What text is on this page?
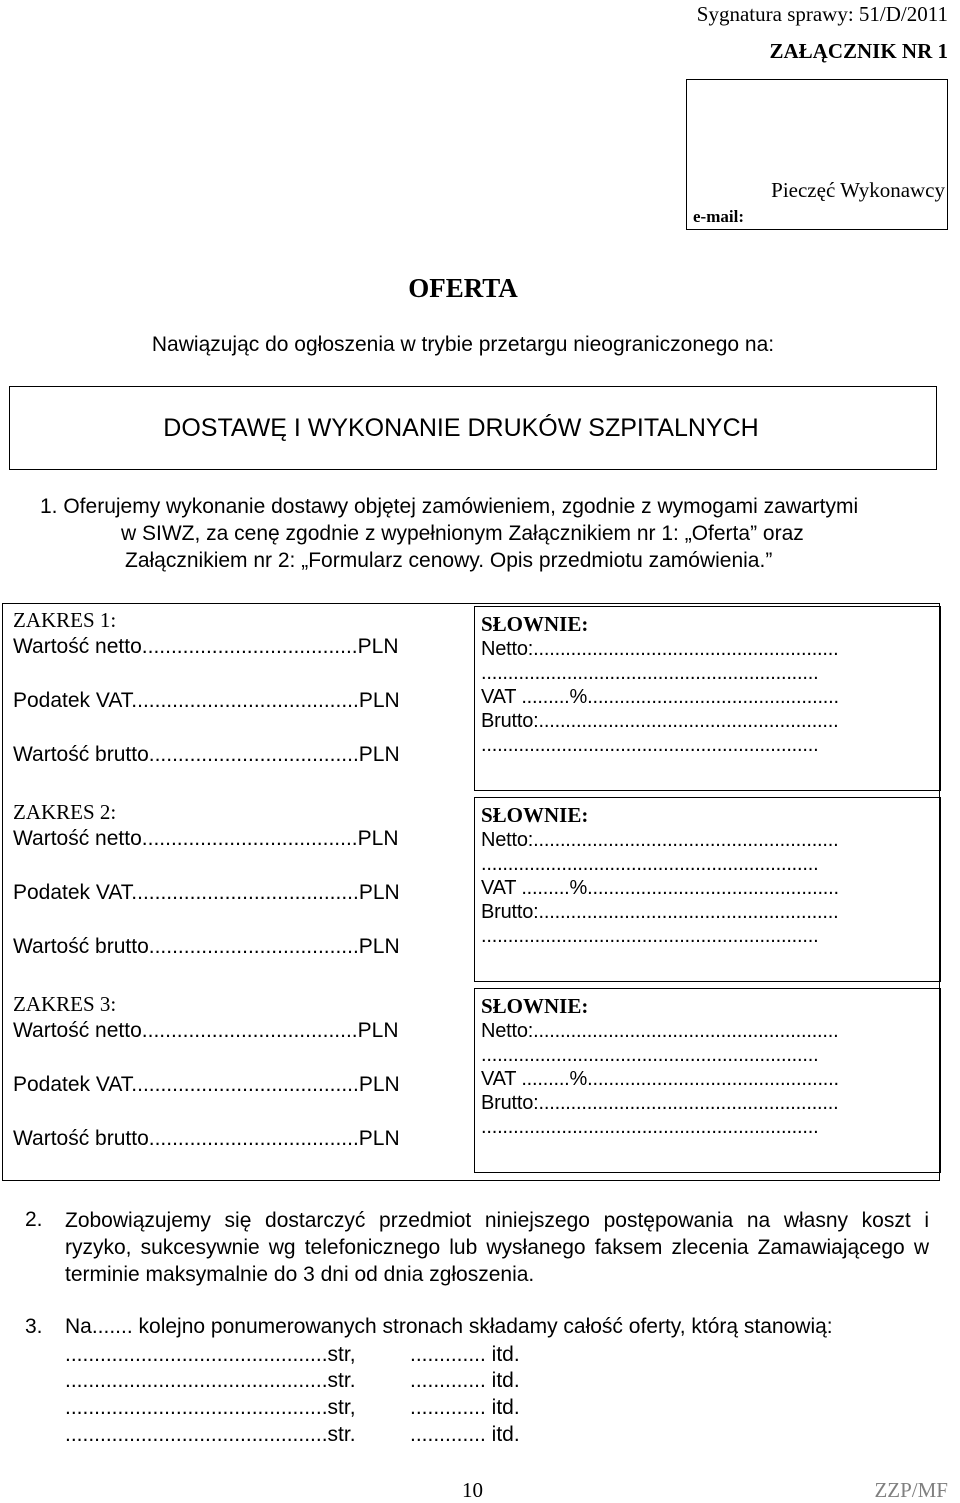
Sygnatura sprawy: 51/D/2011
ZAŁĄCZNIK NR 1
Pieczęć Wykonawcy
e-mail:
OFERTA
Nawiązując do ogłoszenia w trybie przetargu nieograniczonego na:
DOSTAWĘ I WYKONANIE DRUKÓW SZPITALNYCH
1. Oferujemy wykonanie dostawy objętej zamówieniem, zgodnie z wymogami zawartymi
w SIWZ, za cenę zgodnie z wypełnionym Załącznikiem nr 1: „Oferta” oraz
Załącznikiem nr 2: „Formularz cenowy. Opis przedmiotu zamówienia.”
ZAKRES 1:
Wartość netto.....................................PLN
Podatek VAT.......................................PLN
Wartość brutto....................................PLN
SŁOWNIE:
Netto:.........................................................
...............................................................
VAT .........%...............................................
Brutto:........................................................
...............................................................
ZAKRES 2:
Wartość netto.....................................PLN
Podatek VAT.......................................PLN
Wartość brutto....................................PLN
SŁOWNIE:
Netto:.........................................................
...............................................................
VAT .........%...............................................
Brutto:........................................................
...............................................................
ZAKRES 3:
Wartość netto.....................................PLN
Podatek VAT.......................................PLN
Wartość brutto....................................PLN
SŁOWNIE:
Netto:.........................................................
...............................................................
VAT .........%...............................................
Brutto:........................................................
...............................................................
2. Zobowiązujemy się dostarczyć przedmiot niniejszego postępowania na własny koszt i ryzyko, sukcesywnie wg telefonicznego lub wysłanego faksem zlecenia Zamawiającego w terminie maksymalnie do 3 dni od dnia zgłoszenia.
3. Na....... kolejno ponumerowanych stronach składamy całość oferty, którą stanowią:
.............................................str,	............. itd.
.............................................str.	............. itd.
.............................................str,	............. itd.
.............................................str.	............. itd.
10	ZZP/MF
